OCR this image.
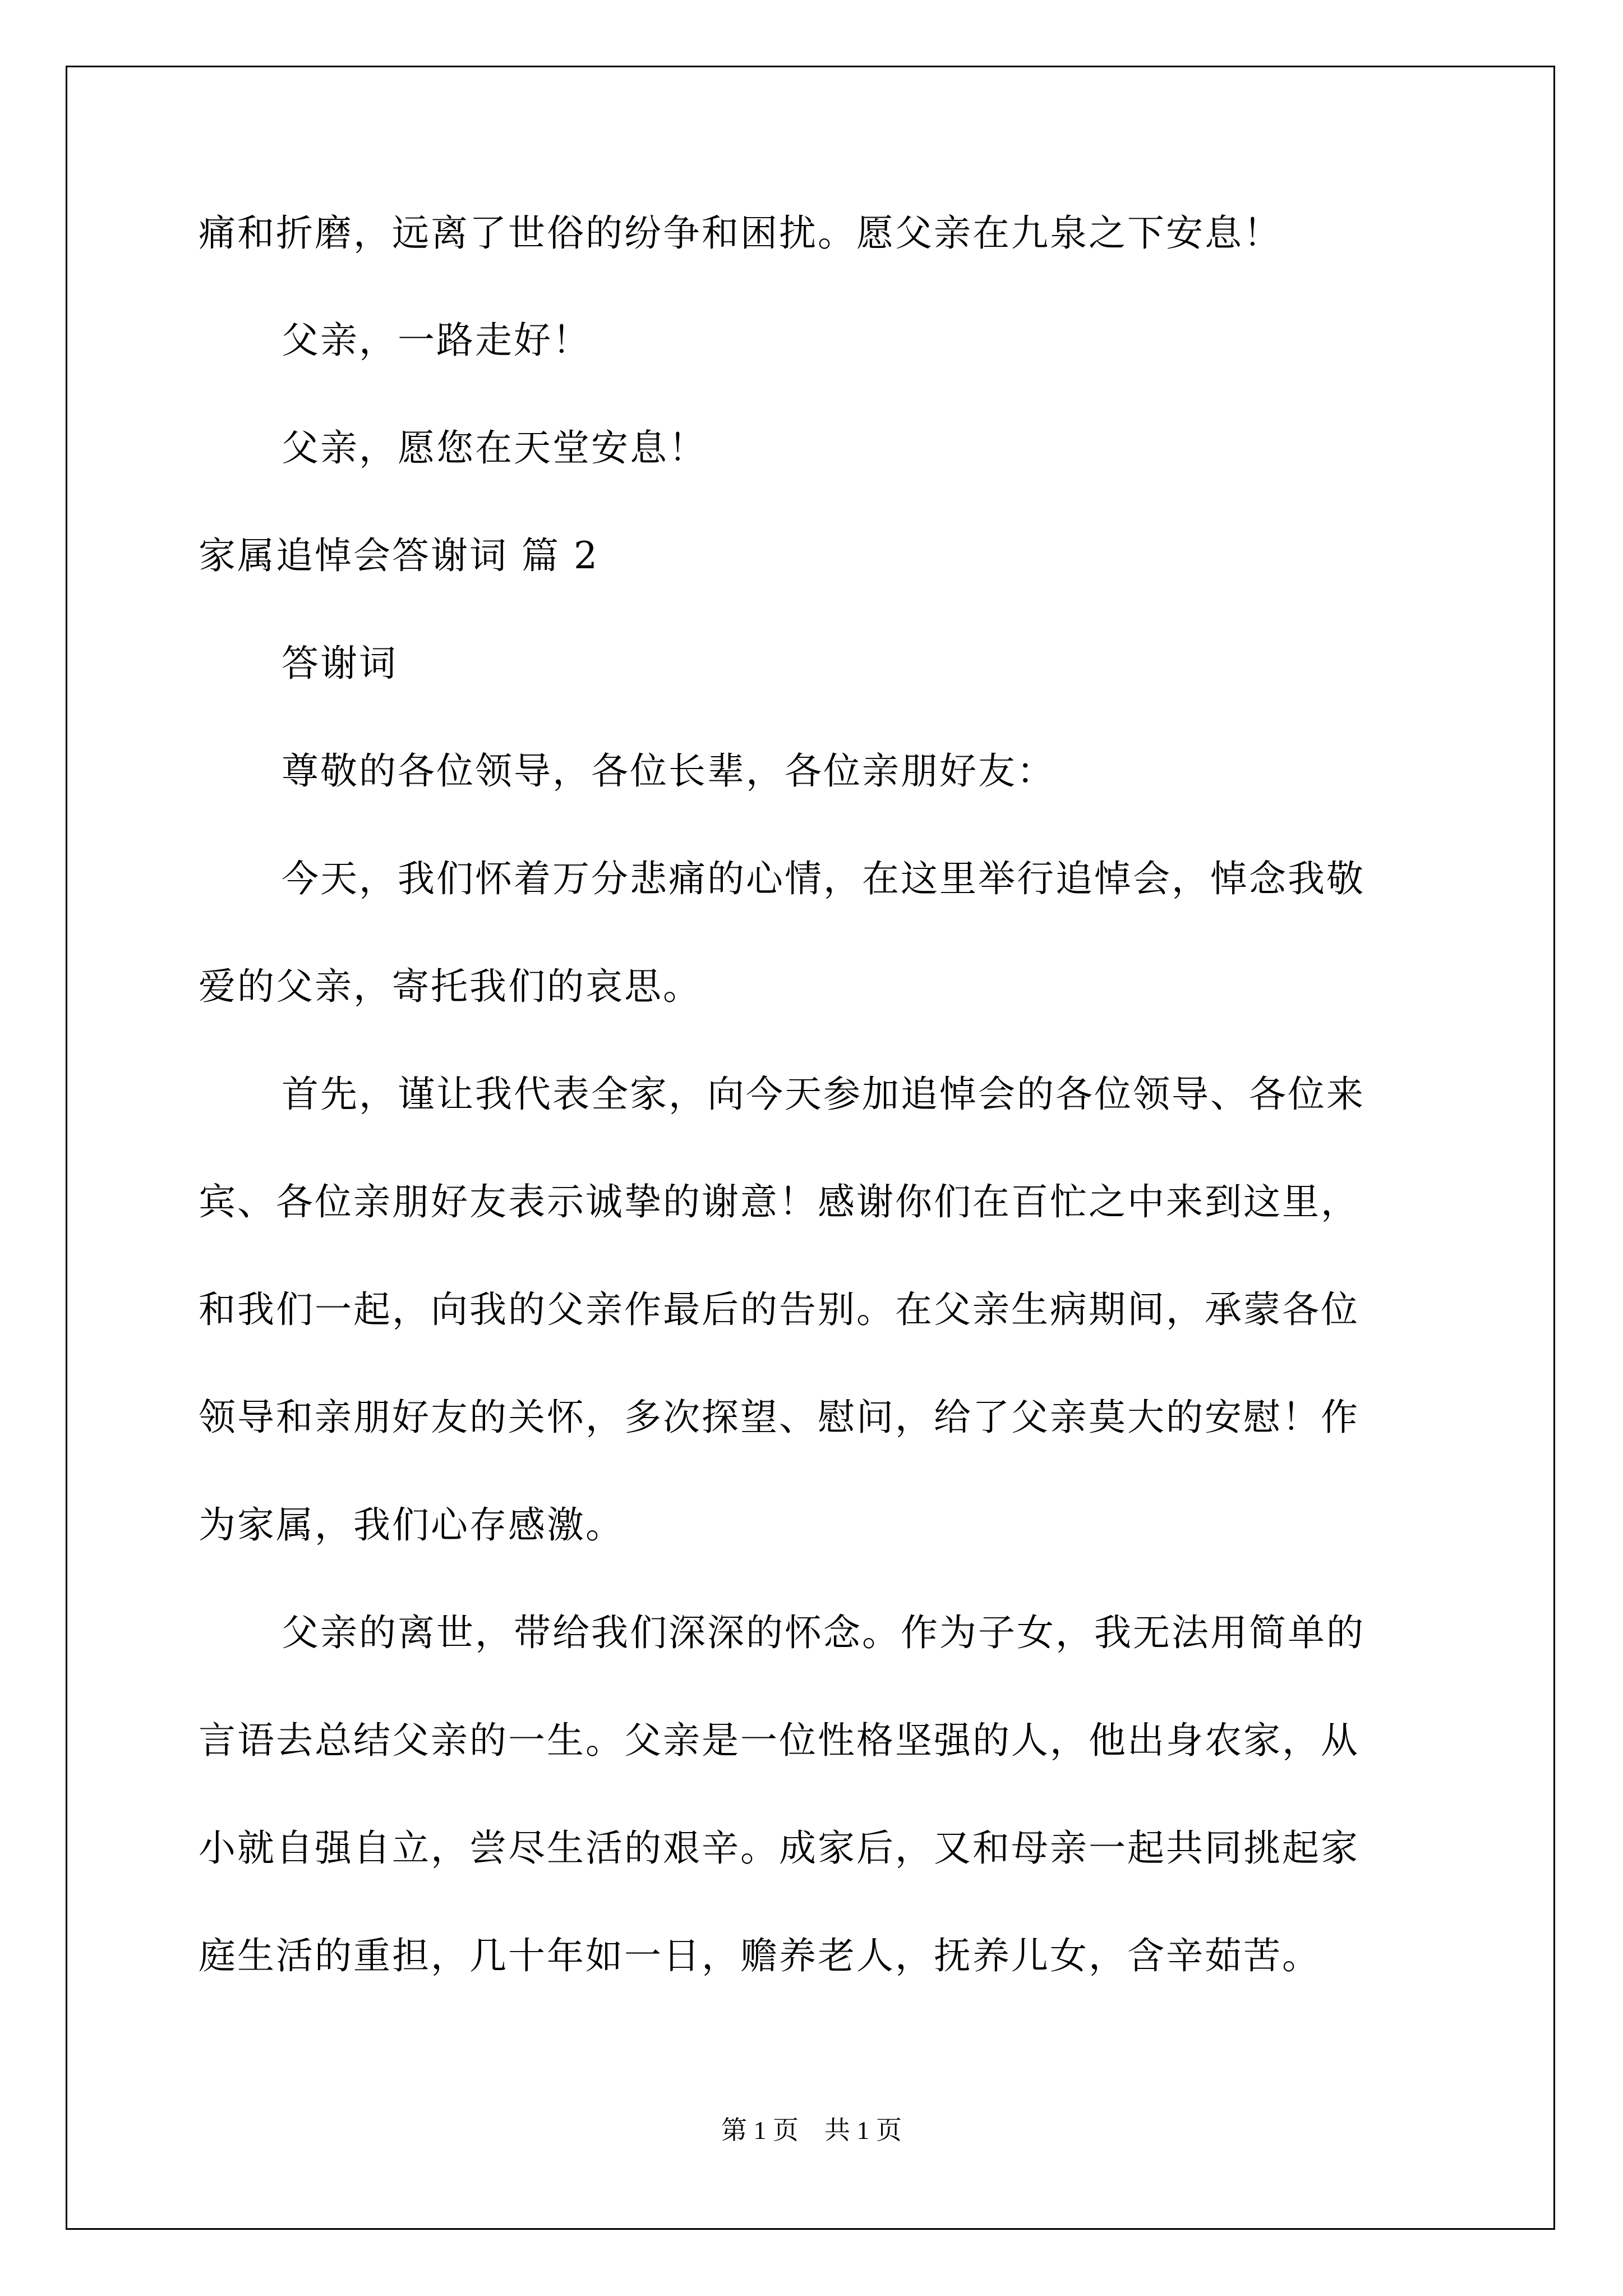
痛和折磨，远离了世俗的纷争和困扰。愿父亲在九泉之下安息！
父亲，一路走好！
父亲，愿您在天堂安息！
家属追悼会答谢词 篇 2
答谢词
尊敬的各位领导，各位长辈，各位亲朋好友：
今天，我们怀着万分悲痛的心情，在这里举行追悼会，悼念我敬
爱的父亲，寄托我们的哀思。
首先，谨让我代表全家，向今天参加追悼会的各位领导、各位来
宾、各位亲朋好友表示诚挚的谢意！感谢你们在百忙之中来到这里，
和我们一起，向我的父亲作最后的告别。在父亲生病期间，承蒙各位
领导和亲朋好友的关怀，多次探望、慰问，给了父亲莫大的安慰！作
为家属，我们心存感激。
父亲的离世，带给我们深深的怀念。作为子女，我无法用简单的
言语去总结父亲的一生。父亲是一位性格坚强的人，他出身农家，从
小就自强自立，尝尽生活的艰辛。成家后，又和母亲一起共同挑起家
庭生活的重担，几十年如一日，赡养老人，抚养儿女，含辛茹苦。
第 1 页　共 1 页
